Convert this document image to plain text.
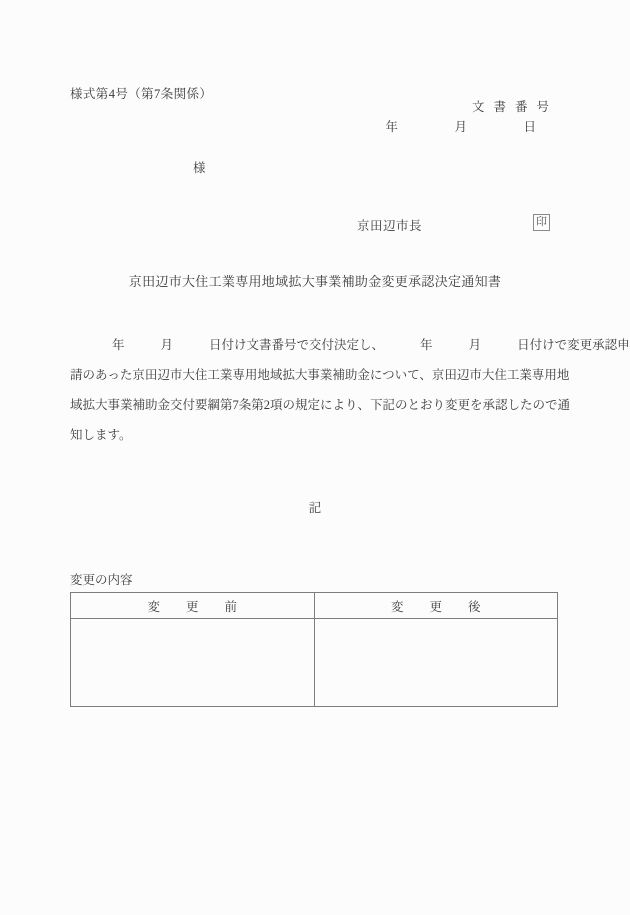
様式第4号（第7条関係）
文書番号
年　月　日
様
京田辺市長	印
京田辺市大住工業専用地域拡大事業補助金変更承認決定通知書
年	月	日付け文書番号で交付決定し、	年	月	日付けで変更承認申
請のあった京田辺市大住工業専用地域拡大事業補助金について、京田辺市大住工業専用地
域拡大事業補助金交付要綱第7条第2項の規定により、下記のとおり変更を承認したので通
知します。
記
変更の内容
変更前	変更後
